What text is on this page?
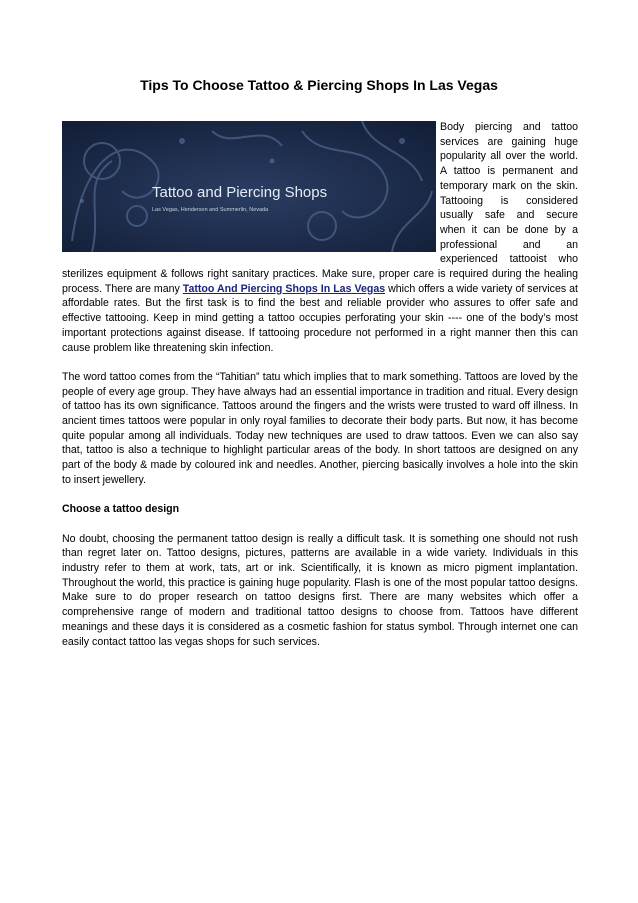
Tips To Choose Tattoo & Piercing Shops In Las Vegas
Tattoo and Piercing Shops
Las Vegas, Henderson and Summerlin, Nevada

Body piercing and tattoo services are gaining huge popularity all over the world. A tattoo is permanent and temporary mark on the skin. Tattooing is considered usually safe and secure when it can be done by a professional and an experienced tattooist who sterilizes equipment & follows right sanitary practices. Make sure, proper care is required during the healing process. There are many Tattoo And Piercing Shops In Las Vegas which offers a wide variety of services at affordable rates. But the first task is to find the best and reliable provider who assures to offer safe and effective tattooing. Keep in mind getting a tattoo occupies perforating your skin ---- one of the body’s most important protections against disease. If tattooing procedure not performed in a right manner then this can cause problem like threatening skin infection.

The word tattoo comes from the “Tahitian” tatu which implies that to mark something. Tattoos are loved by the people of every age group. They have always had an essential importance in tradition and ritual. Every design of tattoo has its own significance. Tattoos around the fingers and the wrists were trusted to ward off illness. In ancient times tattoos were popular in only royal families to decorate their body parts. But now, it has become quite popular among all individuals. Today new techniques are used to draw tattoos. Even we can also say that, tattoo is also a technique to highlight particular areas of the body. In short tattoos are designed on any part of the body & made by coloured ink and needles. Another, piercing basically involves a hole into the skin to insert jewellery.

Choose a tattoo design

No doubt, choosing the permanent tattoo design is really a difficult task. It is something one should not rush than regret later on. Tattoo designs, pictures, patterns are available in a wide variety. Individuals in this industry refer to them at work, tats, art or ink. Scientifically, it is known as micro pigment implantation. Throughout the world, this practice is gaining huge popularity. Flash is one of the most popular tattoo designs. Make sure to do proper research on tattoo designs first. There are many websites which offer a comprehensive range of modern and traditional tattoo designs to choose from. Tattoos have different meanings and these days it is considered as a cosmetic fashion for status symbol. Through internet one can easily contact tattoo las vegas shops for such services.
